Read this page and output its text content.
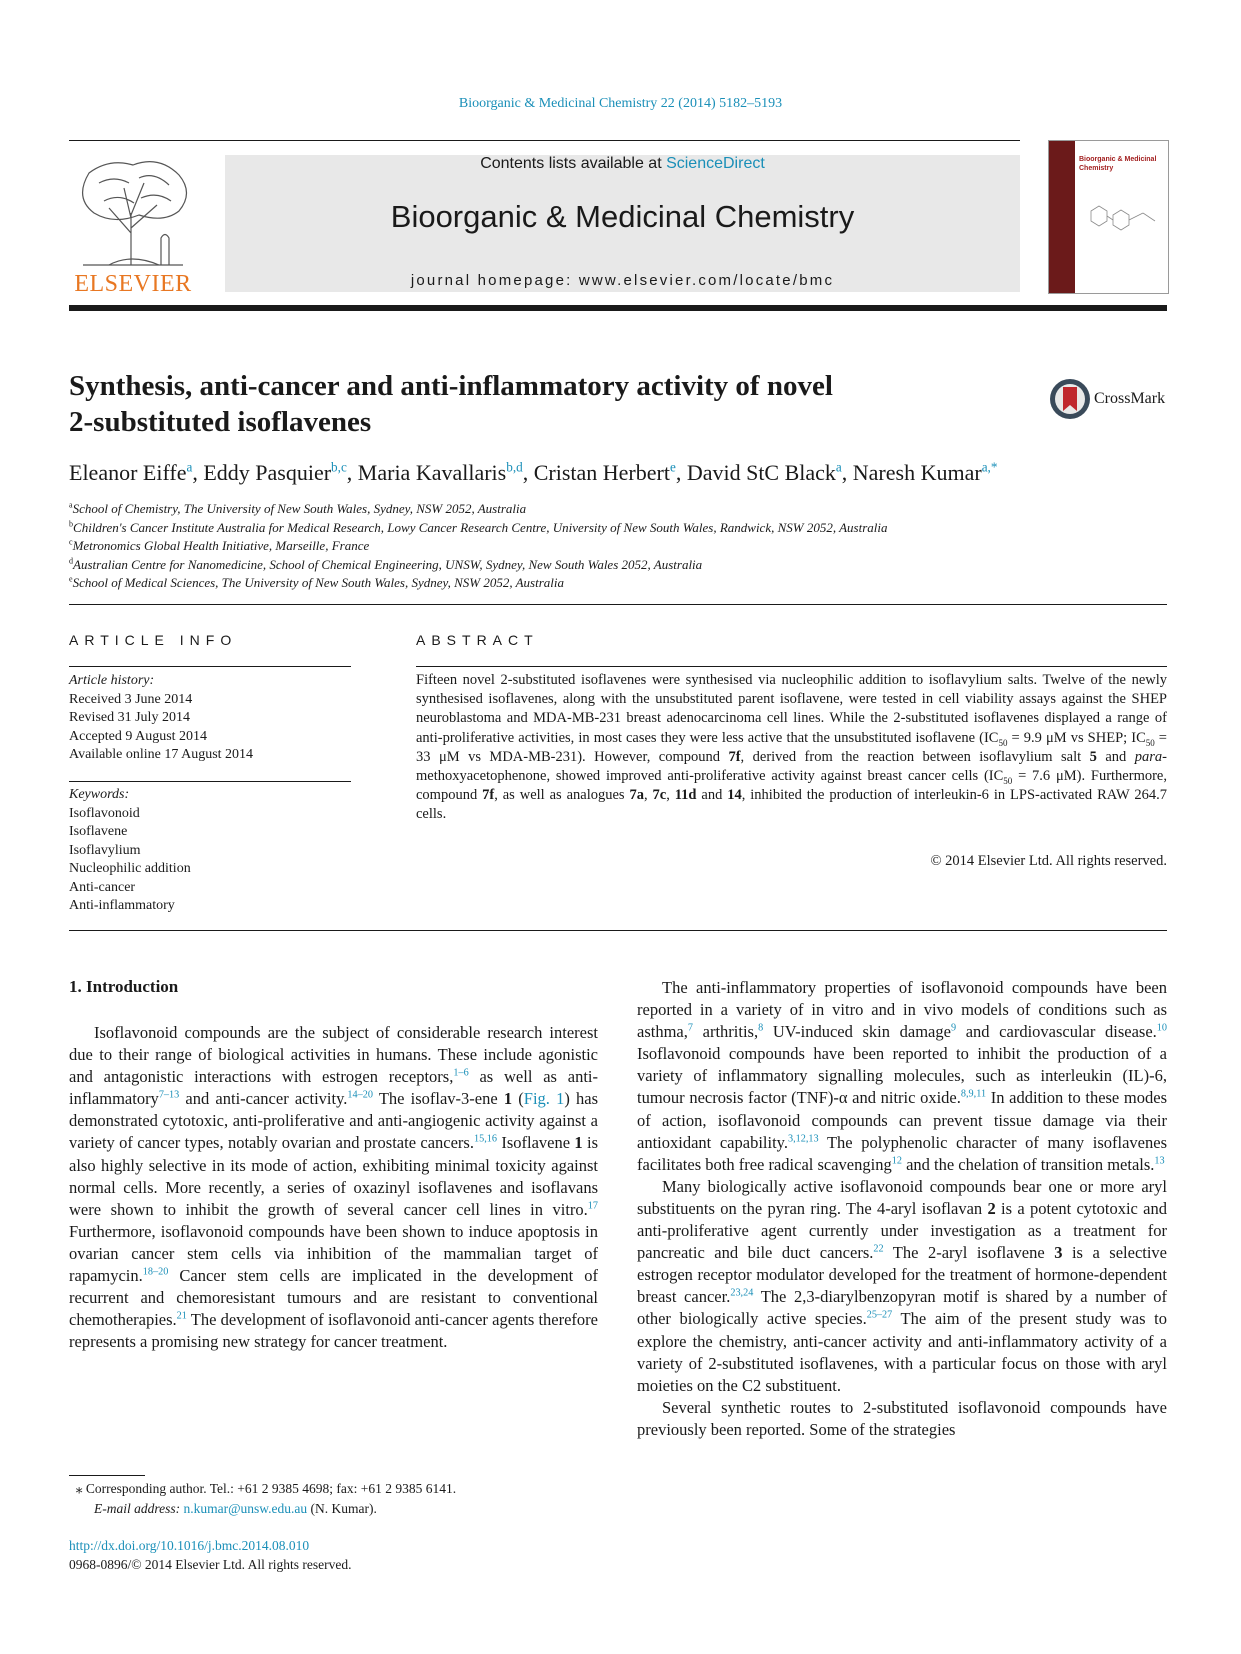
Bioorganic & Medicinal Chemistry 22 (2014) 5182–5193
ELSEVIER
Contents lists available at ScienceDirect
Bioorganic & Medicinal Chemistry
journal homepage: www.elsevier.com/locate/bmc
Bioorganic & Medicinal Chemistry
Synthesis, anti-cancer and anti-inflammatory activity of novel
2-substituted isoflavenes
CrossMark
Eleanor Eiffe$^a$, Eddy Pasquier$^{b,c}$, Maria Kavallaris$^{b,d}$, Cristan Herbert$^e$, David StC Black$^a$, Naresh Kumar$^{a,*}$
$^a$School of Chemistry, The University of New South Wales, Sydney, NSW 2052, Australia
$^b$Children's Cancer Institute Australia for Medical Research, Lowy Cancer Research Centre, University of New South Wales, Randwick, NSW 2052, Australia
$^c$Metronomics Global Health Initiative, Marseille, France
$^d$Australian Centre for Nanomedicine, School of Chemical Engineering, UNSW, Sydney, New South Wales 2052, Australia
$^e$School of Medical Sciences, The University of New South Wales, Sydney, NSW 2052, Australia
ARTICLE INFO	ABSTRACT
Article history:
Received 3 June 2014
Revised 31 July 2014
Accepted 9 August 2014
Available online 17 August 2014
Keywords:
Isoflavonoid
Isoflavene
Isoflavylium
Nucleophilic addition
Anti-cancer
Anti-inflammatory
Fifteen novel 2-substituted isoflavenes were synthesised via nucleophilic addition to isoflavylium salts. Twelve of the newly synthesised isoflavenes, along with the unsubstituted parent isoflavene, were tested in cell viability assays against the SHEP neuroblastoma and MDA-MB-231 breast adenocarcinoma cell lines. While the 2-substituted isoflavenes displayed a range of anti-proliferative activities, in most cases they were less active that the unsubstituted isoflavene ($IC_{50} = 9.9$ μM vs SHEP; $IC_{50} = 33$ μM vs MDA-MB-231). However, compound 7f, derived from the reaction between isoflavylium salt 5 and para-methoxyacetophenone, showed improved anti-proliferative activity against breast cancer cells ($IC_{50} = 7.6$ μM). Furthermore, compound 7f, as well as analogues 7a, 7c, 11d and 14, inhibited the production of interleukin-6 in LPS-activated RAW 264.7 cells.
© 2014 Elsevier Ltd. All rights reserved.
1. Introduction

Isoflavonoid compounds are the subject of considerable research interest due to their range of biological activities in humans. These include agonistic and antagonistic interactions with estrogen receptors,$^{1-6}$ as well as anti-inflammatory$^{7-13}$ and anti-cancer activity.$^{14-20}$ The isoflav-3-ene 1 (Fig. 1) has demonstrated cytotoxic, anti-proliferative and anti-angiogenic activity against a variety of cancer types, notably ovarian and prostate cancers.$^{15,16}$ Isoflavene 1 is also highly selective in its mode of action, exhibiting minimal toxicity against normal cells. More recently, a series of oxazinyl isoflavenes and isoflavans were shown to inhibit the growth of several cancer cell lines in vitro.$^{17}$ Furthermore, isoflavonoid compounds have been shown to induce apoptosis in ovarian cancer stem cells via inhibition of the mammalian target of rapamycin.$^{18-20}$ Cancer stem cells are implicated in the development of recurrent and chemoresistant tumours and are resistant to conventional chemotherapies.$^{21}$ The development of isoflavonoid anti-cancer agents therefore represents a promising new strategy for cancer treatment.

The anti-inflammatory properties of isoflavonoid compounds have been reported in a variety of in vitro and in vivo models of conditions such as asthma,$^7$ arthritis,$^8$ UV-induced skin damage$^9$ and cardiovascular disease.$^{10}$ Isoflavonoid compounds have been reported to inhibit the production of a variety of inflammatory signalling molecules, such as interleukin (IL)-6, tumour necrosis factor (TNF)-α and nitric oxide.$^{8,9,11}$ In addition to these modes of action, isoflavonoid compounds can prevent tissue damage via their antioxidant capability.$^{3,12,13}$ The polyphenolic character of many isoflavenes facilitates both free radical scavenging$^{12}$ and the chelation of transition metals.$^{13}$

Many biologically active isoflavonoid compounds bear one or more aryl substituents on the pyran ring. The 4-aryl isoflavan 2 is a potent cytotoxic and anti-proliferative agent currently under investigation as a treatment for pancreatic and bile duct cancers.$^{22}$ The 2-aryl isoflavene 3 is a selective estrogen receptor modulator developed for the treatment of hormone-dependent breast cancer.$^{23,24}$ The 2,3-diarylbenzopyran motif is shared by a number of other biologically active species.$^{25-27}$ The aim of the present study was to explore the chemistry, anti-cancer activity and anti-inflammatory activity of a variety of 2-substituted isoflavenes, with a particular focus on those with aryl moieties on the C2 substituent.

Several synthetic routes to 2-substituted isoflavonoid compounds have previously been reported. Some of the strategies

⁎ Corresponding author. Tel.: +61 2 9385 4698; fax: +61 2 9385 6141.
E-mail address: n.kumar@unsw.edu.au (N. Kumar).
http://dx.doi.org/10.1016/j.bmc.2014.08.010
0968-0896/© 2014 Elsevier Ltd. All rights reserved.
